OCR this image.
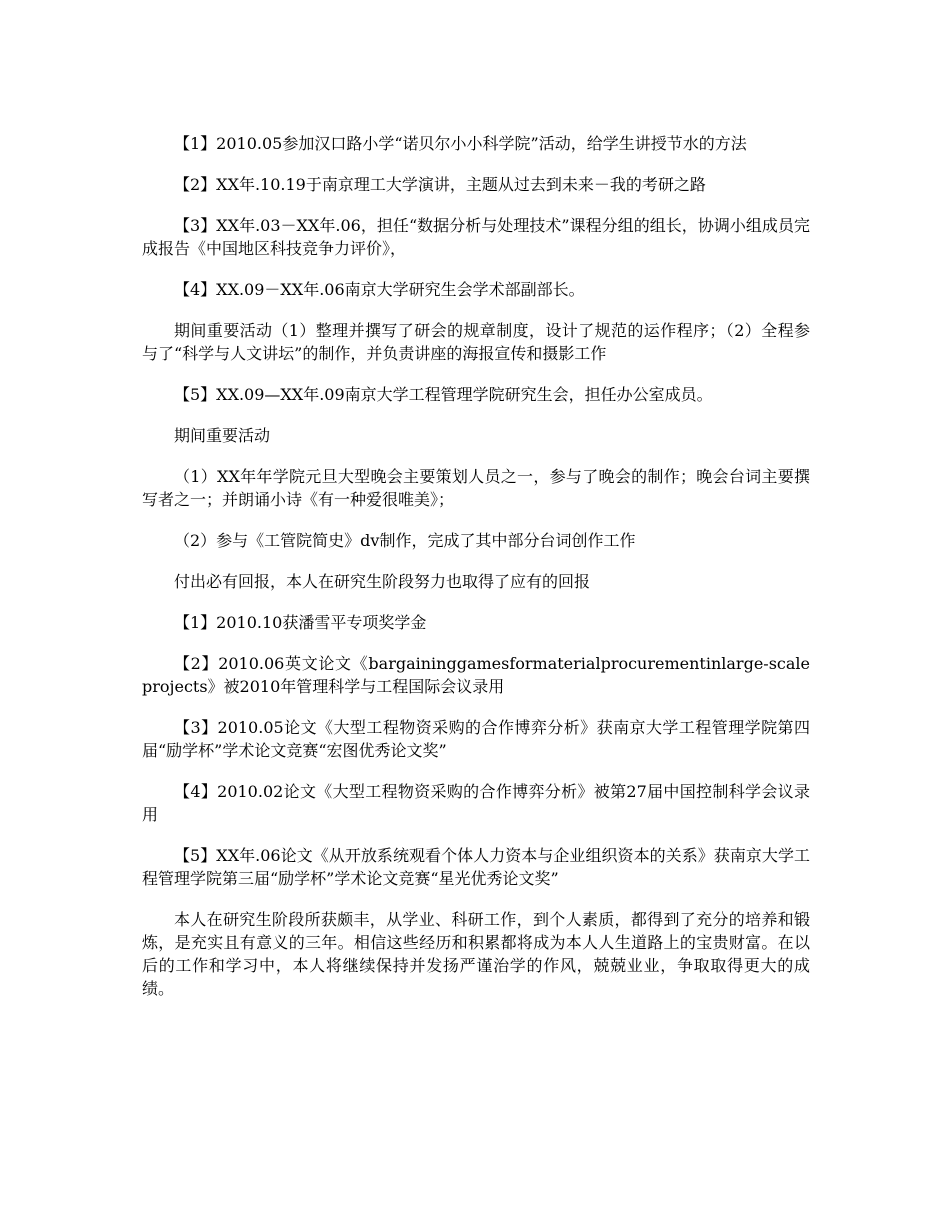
【1】2010.05参加汉口路小学“诺贝尔小小科学院”活动，给学生讲授节水的方法

【2】XX年.10.19于南京理工大学演讲，主题从过去到未来－我的考研之路

【3】XX年.03－XX年.06，担任“数据分析与处理技术”课程分组的组长，协调小组成员完成报告《中国地区科技竞争力评价》，

【4】XX.09－XX年.06南京大学研究生会学术部副部长。

期间重要活动（1）整理并撰写了研会的规章制度，设计了规范的运作程序；（2）全程参与了“科学与人文讲坛”的制作，并负责讲座的海报宣传和摄影工作

【5】XX.09—XX年.09南京大学工程管理学院研究生会，担任办公室成员。

期间重要活动

（1）XX年年学院元旦大型晚会主要策划人员之一，参与了晚会的制作；晚会台词主要撰写者之一；并朗诵小诗《有一种爱很唯美》；

（2）参与《工管院简史》dv制作，完成了其中部分台词创作工作

付出必有回报，本人在研究生阶段努力也取得了应有的回报

【1】2010.10获潘雪平专项奖学金

【2】2010.06英文论文《bargaininggamesformaterialprocurementinlarge-scaleprojects》被2010年管理科学与工程国际会议录用

【3】2010.05论文《大型工程物资采购的合作博弈分析》获南京大学工程管理学院第四届“励学杯”学术论文竞赛“宏图优秀论文奖”

【4】2010.02论文《大型工程物资采购的合作博弈分析》被第27届中国控制科学会议录用

【5】XX年.06论文《从开放系统观看个体人力资本与企业组织资本的关系》获南京大学工程管理学院第三届“励学杯”学术论文竞赛“星光优秀论文奖”

本人在研究生阶段所获颇丰，从学业、科研工作，到个人素质，都得到了充分的培养和锻炼，是充实且有意义的三年。相信这些经历和积累都将成为本人人生道路上的宝贵财富。在以后的工作和学习中，本人将继续保持并发扬严谨治学的作风，兢兢业业，争取取得更大的成绩。
